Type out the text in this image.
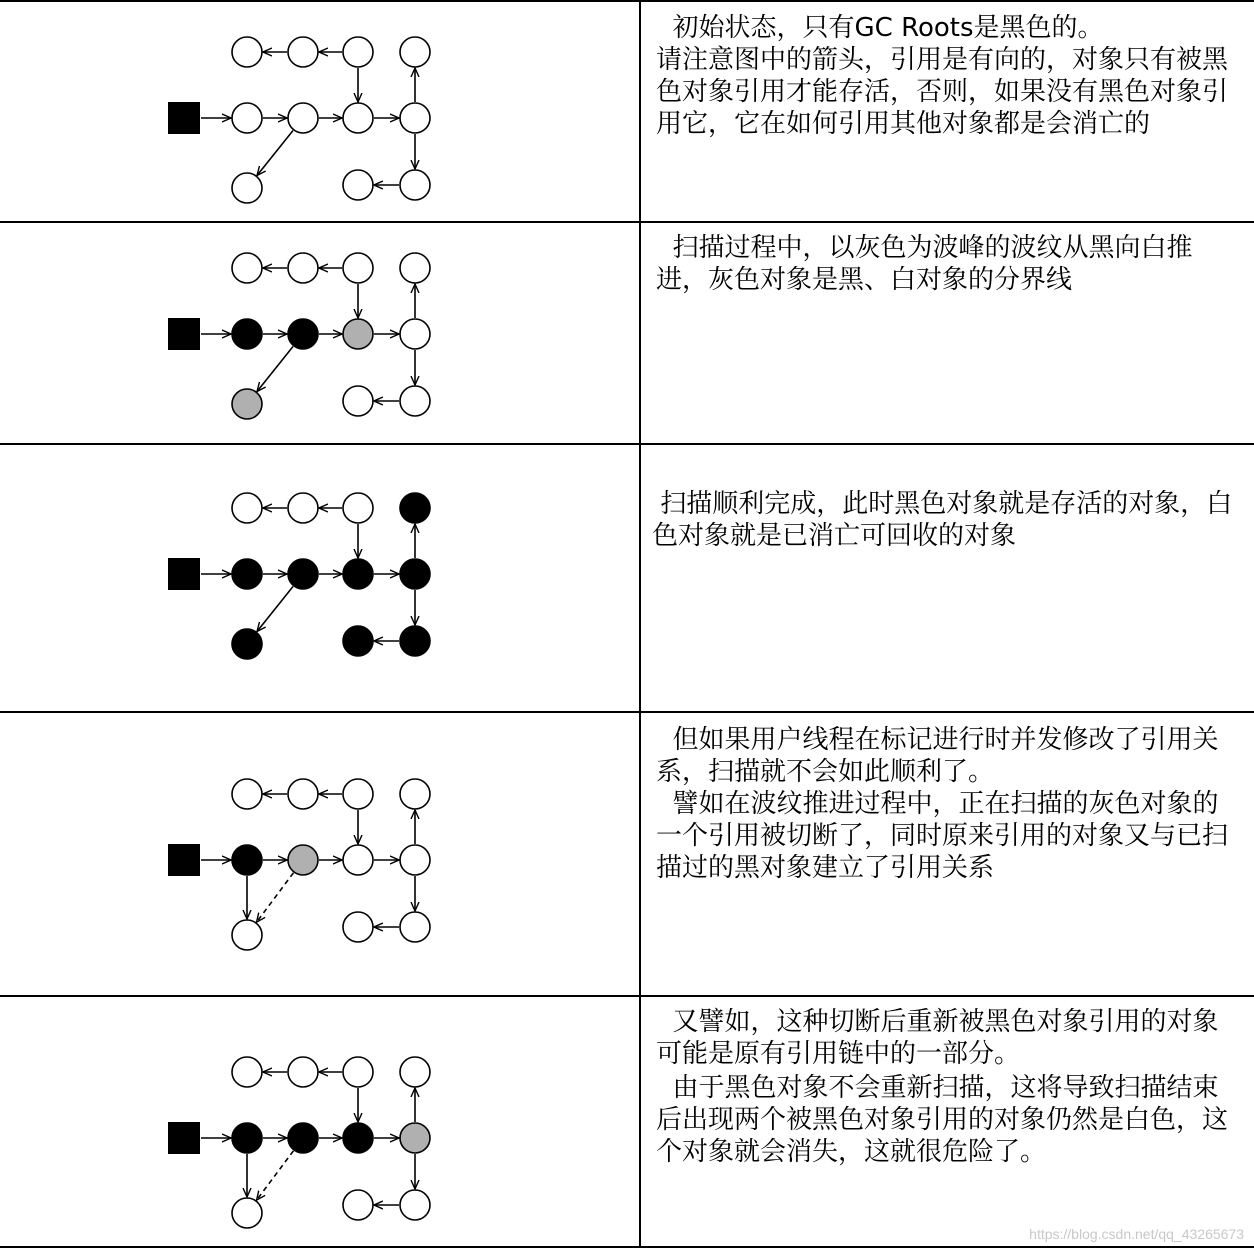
初始状态，只有GC Roots是黑色的。

请注意图中的箭头，引用是有向的，对象只有被黑色对象引用才能存活，否则，如果没有黑色对象引用它，它在如何引用其他对象都是会消亡的

扫描过程中，以灰色为波峰的波纹从黑向白推进，灰色对象是黑、白对象的分界线

扫描顺利完成，此时黑色对象就是存活的对象，白色对象就是已消亡可回收的对象

但如果用户线程在标记进行时并发修改了引用关系，扫描就不会如此顺利了。

譬如在波纹推进过程中，正在扫描的灰色对象的一个引用被切断了，同时原来引用的对象又与已扫描过的黑对象建立了引用关系

又譬如，这种切断后重新被黑色对象引用的对象可能是原有引用链中的一部分。

由于黑色对象不会重新扫描，这将导致扫描结束后出现两个被黑色对象引用的对象仍然是白色，这个对象就会消失，这就很危险了。

https://blog.csdn.net/qq_43265673
